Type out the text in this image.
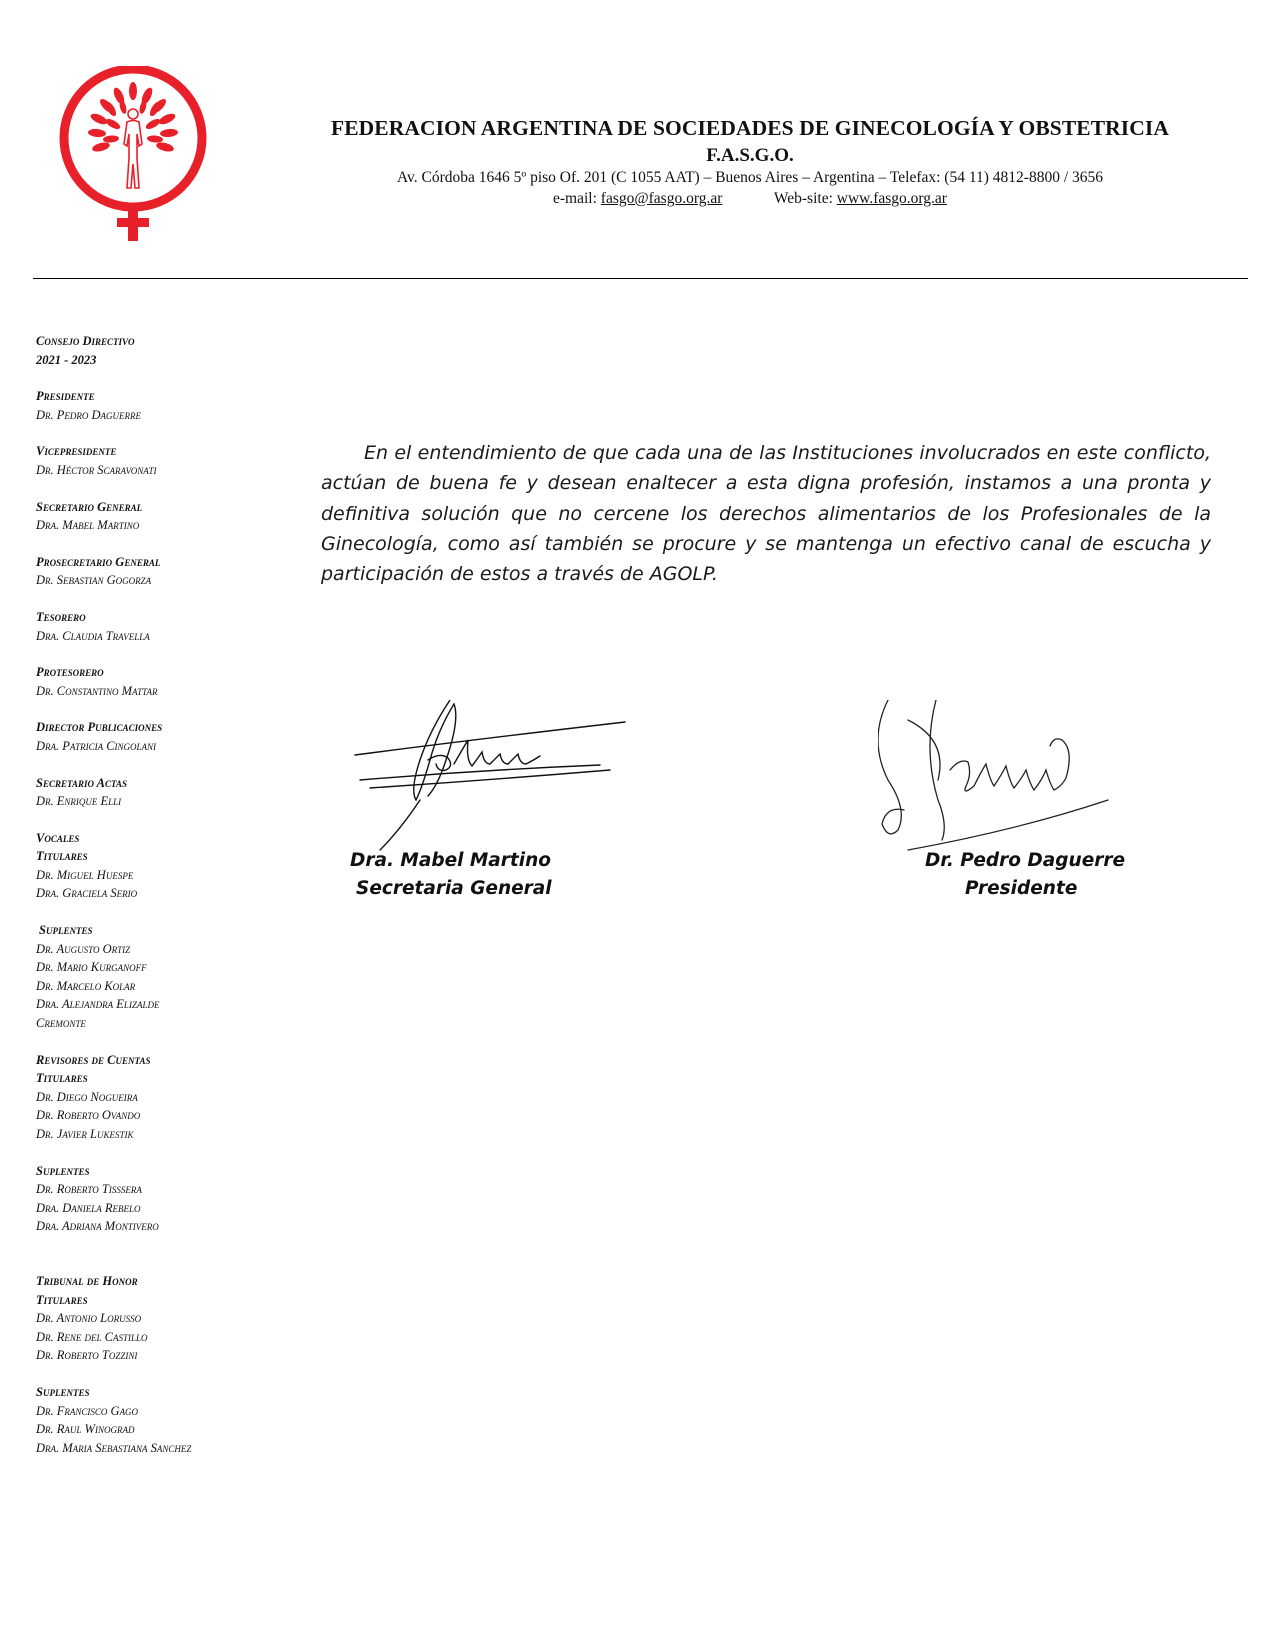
FEDERACION ARGENTINA DE SOCIEDADES DE GINECOLOGÍA Y OBSTETRICIA
F.A.S.G.O.
Av. Córdoba 1646 5º piso Of. 201 (C 1055 AAT) – Buenos Aires – Argentina – Telefax: (54 11) 4812-8800 / 3656
e-mail: fasgo@fasgo.org.ar	Web-site: www.fasgo.org.ar
Consejo Directivo
2021 - 2023
Presidente
Dr. Pedro Daguerre
Vicepresidente
Dr. Héctor Scaravonati
Secretario General
Dra. Mabel Martino
Prosecretario General
Dr. Sebastian Gogorza
Tesorero
Dra. Claudia Travella
Protesorero
Dr. Constantino Mattar
Director Publicaciones
Dra. Patricia Cingolani
Secretario Actas
Dr. Enrique Elli
Vocales
Titulares
Dr. Miguel Huespe
Dra. Graciela Serio
Suplentes
Dr. Augusto Ortiz
Dr. Mario Kurganoff
Dr. Marcelo Kolar
Dra. Alejandra Elizalde
Cremonte
Revisores de Cuentas
Titulares
Dr. Diego Nogueira
Dr. Roberto Ovando
Dr. Javier Lukestik
Suplentes
Dr. Roberto Tisssera
Dra. Daniela Rebelo
Dra. Adriana Montivero
Tribunal de Honor
Titulares
Dr. Antonio Lorusso
Dr. Rene del Castillo
Dr. Roberto Tozzini
Suplentes
Dr. Francisco Gago
Dr. Raul Winograd
Dra. Maria Sebastiana Sanchez

En el entendimiento de que cada una de las Instituciones involucrados en este conflicto, actúan de buena fe y desean enaltecer a esta digna profesión, instamos a una pronta y definitiva solución que no cercene los derechos alimentarios de los Profesionales de la Ginecología, como así también se procure y se mantenga un efectivo canal de escucha y participación de estos a través de AGOLP.

Dra. Mabel Martino
Secretaria General
Dr. Pedro Daguerre
Presidente
